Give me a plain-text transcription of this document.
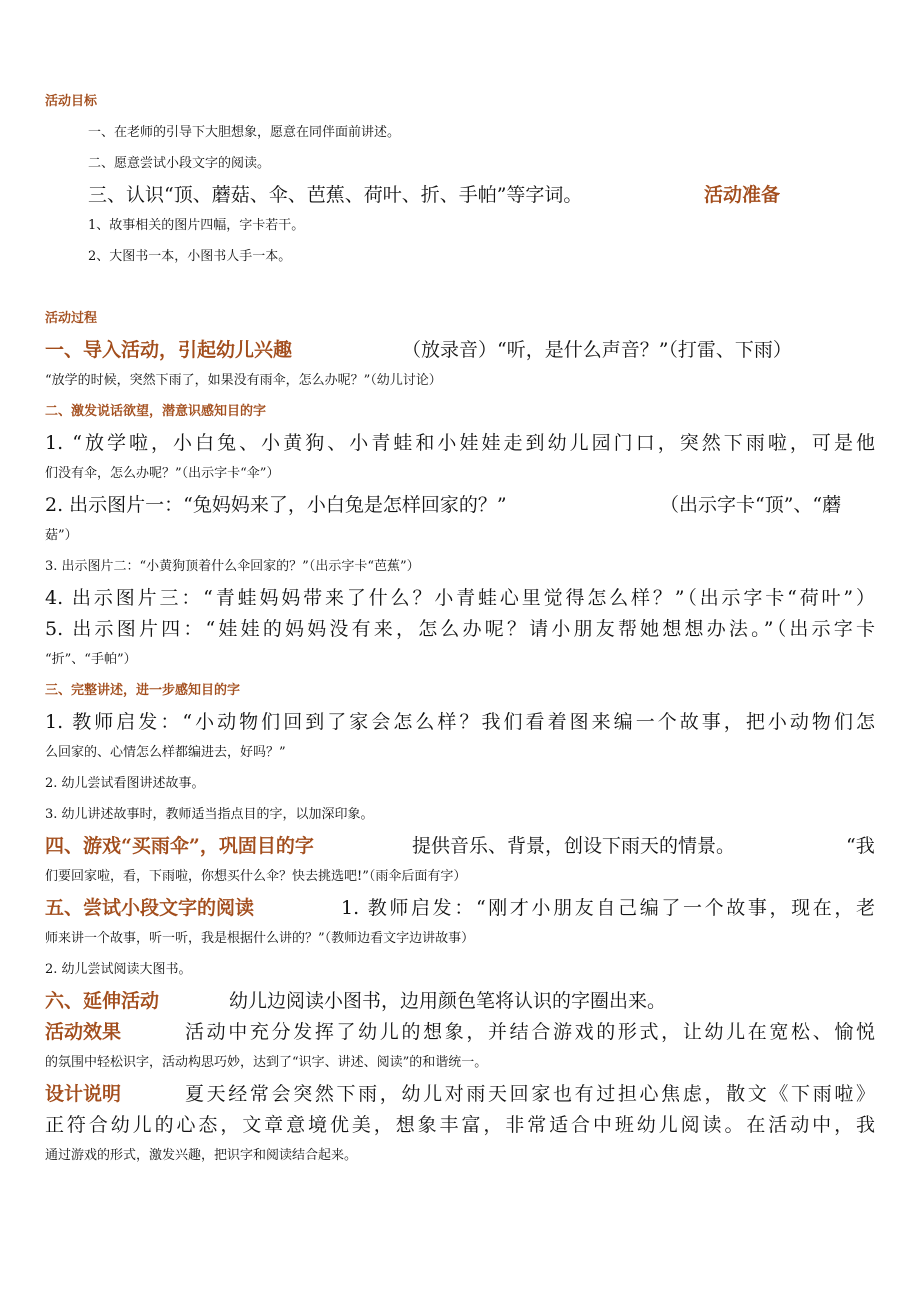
活动目标
一、在老师的引导下大胆想象，愿意在同伴面前讲述。
二、愿意尝试小段文字的阅读。
三、认识“顶、蘑菇、伞、芭蕉、荷叶、折、手帕”等字词。	活动准备
1、故事相关的图片四幅，字卡若干。
2、大图书一本，小图书人手一本。
活动过程
一、导入活动，引起幼儿兴趣	（放录音）“听，是什么声音？”（打雷、下雨）
“放学的时候，突然下雨了，如果没有雨伞，怎么办呢？”（幼儿讨论）
二、激发说话欲望，潜意识感知目的字
1. “放学啦，小白兔、小黄狗、小青蛙和小娃娃走到幼儿园门口，突然下雨啦，可是他
们没有伞，怎么办呢？”（出示字卡“伞”）
2. 出示图片一：“兔妈妈来了，小白兔是怎样回家的？”	（出示字卡“顶”、“蘑
菇”）
3. 出示图片二：“小黄狗顶着什么伞回家的？”（出示字卡“芭蕉”）
4. 出示图片三：“青蛙妈妈带来了什么？小青蛙心里觉得怎么样？”（出示字卡“荷叶”）
5. 出示图片四：“娃娃的妈妈没有来，怎么办呢？请小朋友帮她想想办法。”（出示字卡
“折”、“手帕”）
三、完整讲述，进一步感知目的字
1. 教师启发：“小动物们回到了家会怎么样？我们看着图来编一个故事，把小动物们怎
么回家的、心情怎么样都编进去，好吗？”
2. 幼儿尝试看图讲述故事。
3. 幼儿讲述故事时，教师适当指点目的字，以加深印象。
四、游戏“买雨伞”，巩固目的字	提供音乐、背景，创设下雨天的情景。	“我
们要回家啦，看，下雨啦，你想买什么伞？快去挑选吧!”（雨伞后面有字）
五、尝试小段文字的阅读	1. 教师启发：“刚才小朋友自己编了一个故事，现在，老
师来讲一个故事，听一听，我是根据什么讲的？”（教师边看文字边讲故事）
2. 幼儿尝试阅读大图书。
六、延伸活动	幼儿边阅读小图书，边用颜色笔将认识的字圈出来。
活动效果	活动中充分发挥了幼儿的想象，并结合游戏的形式，让幼儿在宽松、愉悦
的氛围中轻松识字，活动构思巧妙，达到了“识字、讲述、阅读”的和谐统一。
设计说明	夏天经常会突然下雨，幼儿对雨天回家也有过担心焦虑，散文《下雨啦》
正符合幼儿的心态，文章意境优美，想象丰富，非常适合中班幼儿阅读。在活动中，我
通过游戏的形式，激发兴趣，把识字和阅读结合起来。
